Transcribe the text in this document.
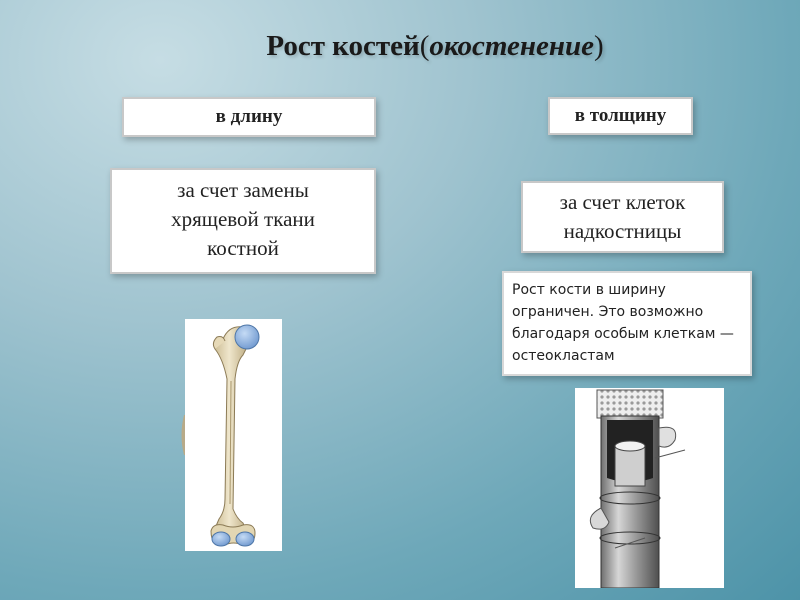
Рост костей(окостенение)
в длину	в толщину
за счет замены
хрящевой ткани
костной
за счет клеток
надкостницы
Рост кости в ширину ограничен. Это возможно благодаря особым клеткам — остеокластам
